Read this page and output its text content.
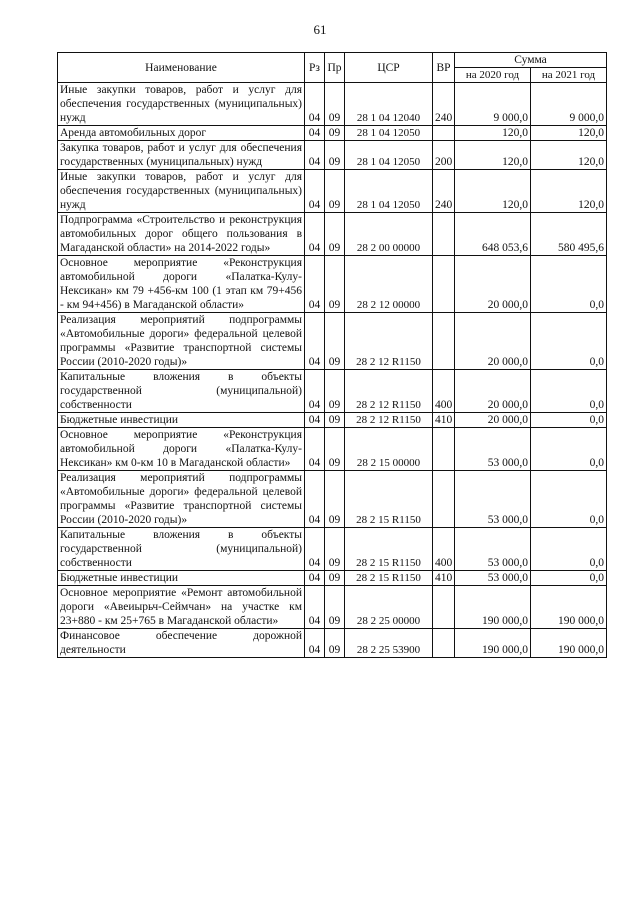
61
Наименование	Рз	Пр	ЦСР	ВР	Сумма	
					на 2020 год	на 2021 год
Иные закупки товаров, работ и услуг для обеспечения государственных (муниципальных) нужд	04	09	28 1 04 12040	240	9 000,0	9 000,0
Аренда автомобильных дорог	04	09	28 1 04 12050		120,0	120,0
Закупка товаров, работ и услуг для обеспечения государственных (муниципальных) нужд	04	09	28 1 04 12050	200	120,0	120,0
Иные закупки товаров, работ и услуг для обеспечения государственных (муниципальных) нужд	04	09	28 1 04 12050	240	120,0	120,0
Подпрограмма «Строительство и реконструкция автомобильных дорог общего пользования в Магаданской области» на 2014-2022 годы»	04	09	28 2 00 00000		648 053,6	580 495,6
Основное мероприятие «Реконструкция автомобильной дороги «Палатка-Кулу-Нексикан» км 79 +456-км 100 (1 этап км 79+456 - км 94+456) в Магаданской области»	04	09	28 2 12 00000		20 000,0	0,0
Реализация мероприятий подпрограммы «Автомобильные дороги» федеральной целевой программы «Развитие транспортной системы России (2010-2020 годы)»	04	09	28 2 12 R1150		20 000,0	0,0
Капитальные вложения в объекты государственной (муниципальной) собственности	04	09	28 2 12 R1150	400	20 000,0	0,0
Бюджетные инвестиции	04	09	28 2 12 R1150	410	20 000,0	0,0
Основное мероприятие «Реконструкция автомобильной дороги «Палатка-Кулу-Нексикан» км 0-км 10 в Магаданской области»	04	09	28 2 15 00000		53 000,0	0,0
Реализация мероприятий подпрограммы «Автомобильные дороги» федеральной целевой программы «Развитие транспортной системы России (2010-2020 годы)»	04	09	28 2 15 R1150		53 000,0	0,0
Капитальные вложения в объекты государственной (муниципальной) собственности	04	09	28 2 15 R1150	400	53 000,0	0,0
Бюджетные инвестиции	04	09	28 2 15 R1150	410	53 000,0	0,0
Основное мероприятие «Ремонт автомобильной дороги «Авеиырьч-Сеймчан» на участке км 23+880 - км 25+765 в Магаданской области»	04	09	28 2 25 00000		190 000,0	190 000,0
Финансовое обеспечение дорожной деятельности	04	09	28 2 25 53900		190 000,0	190 000,0
